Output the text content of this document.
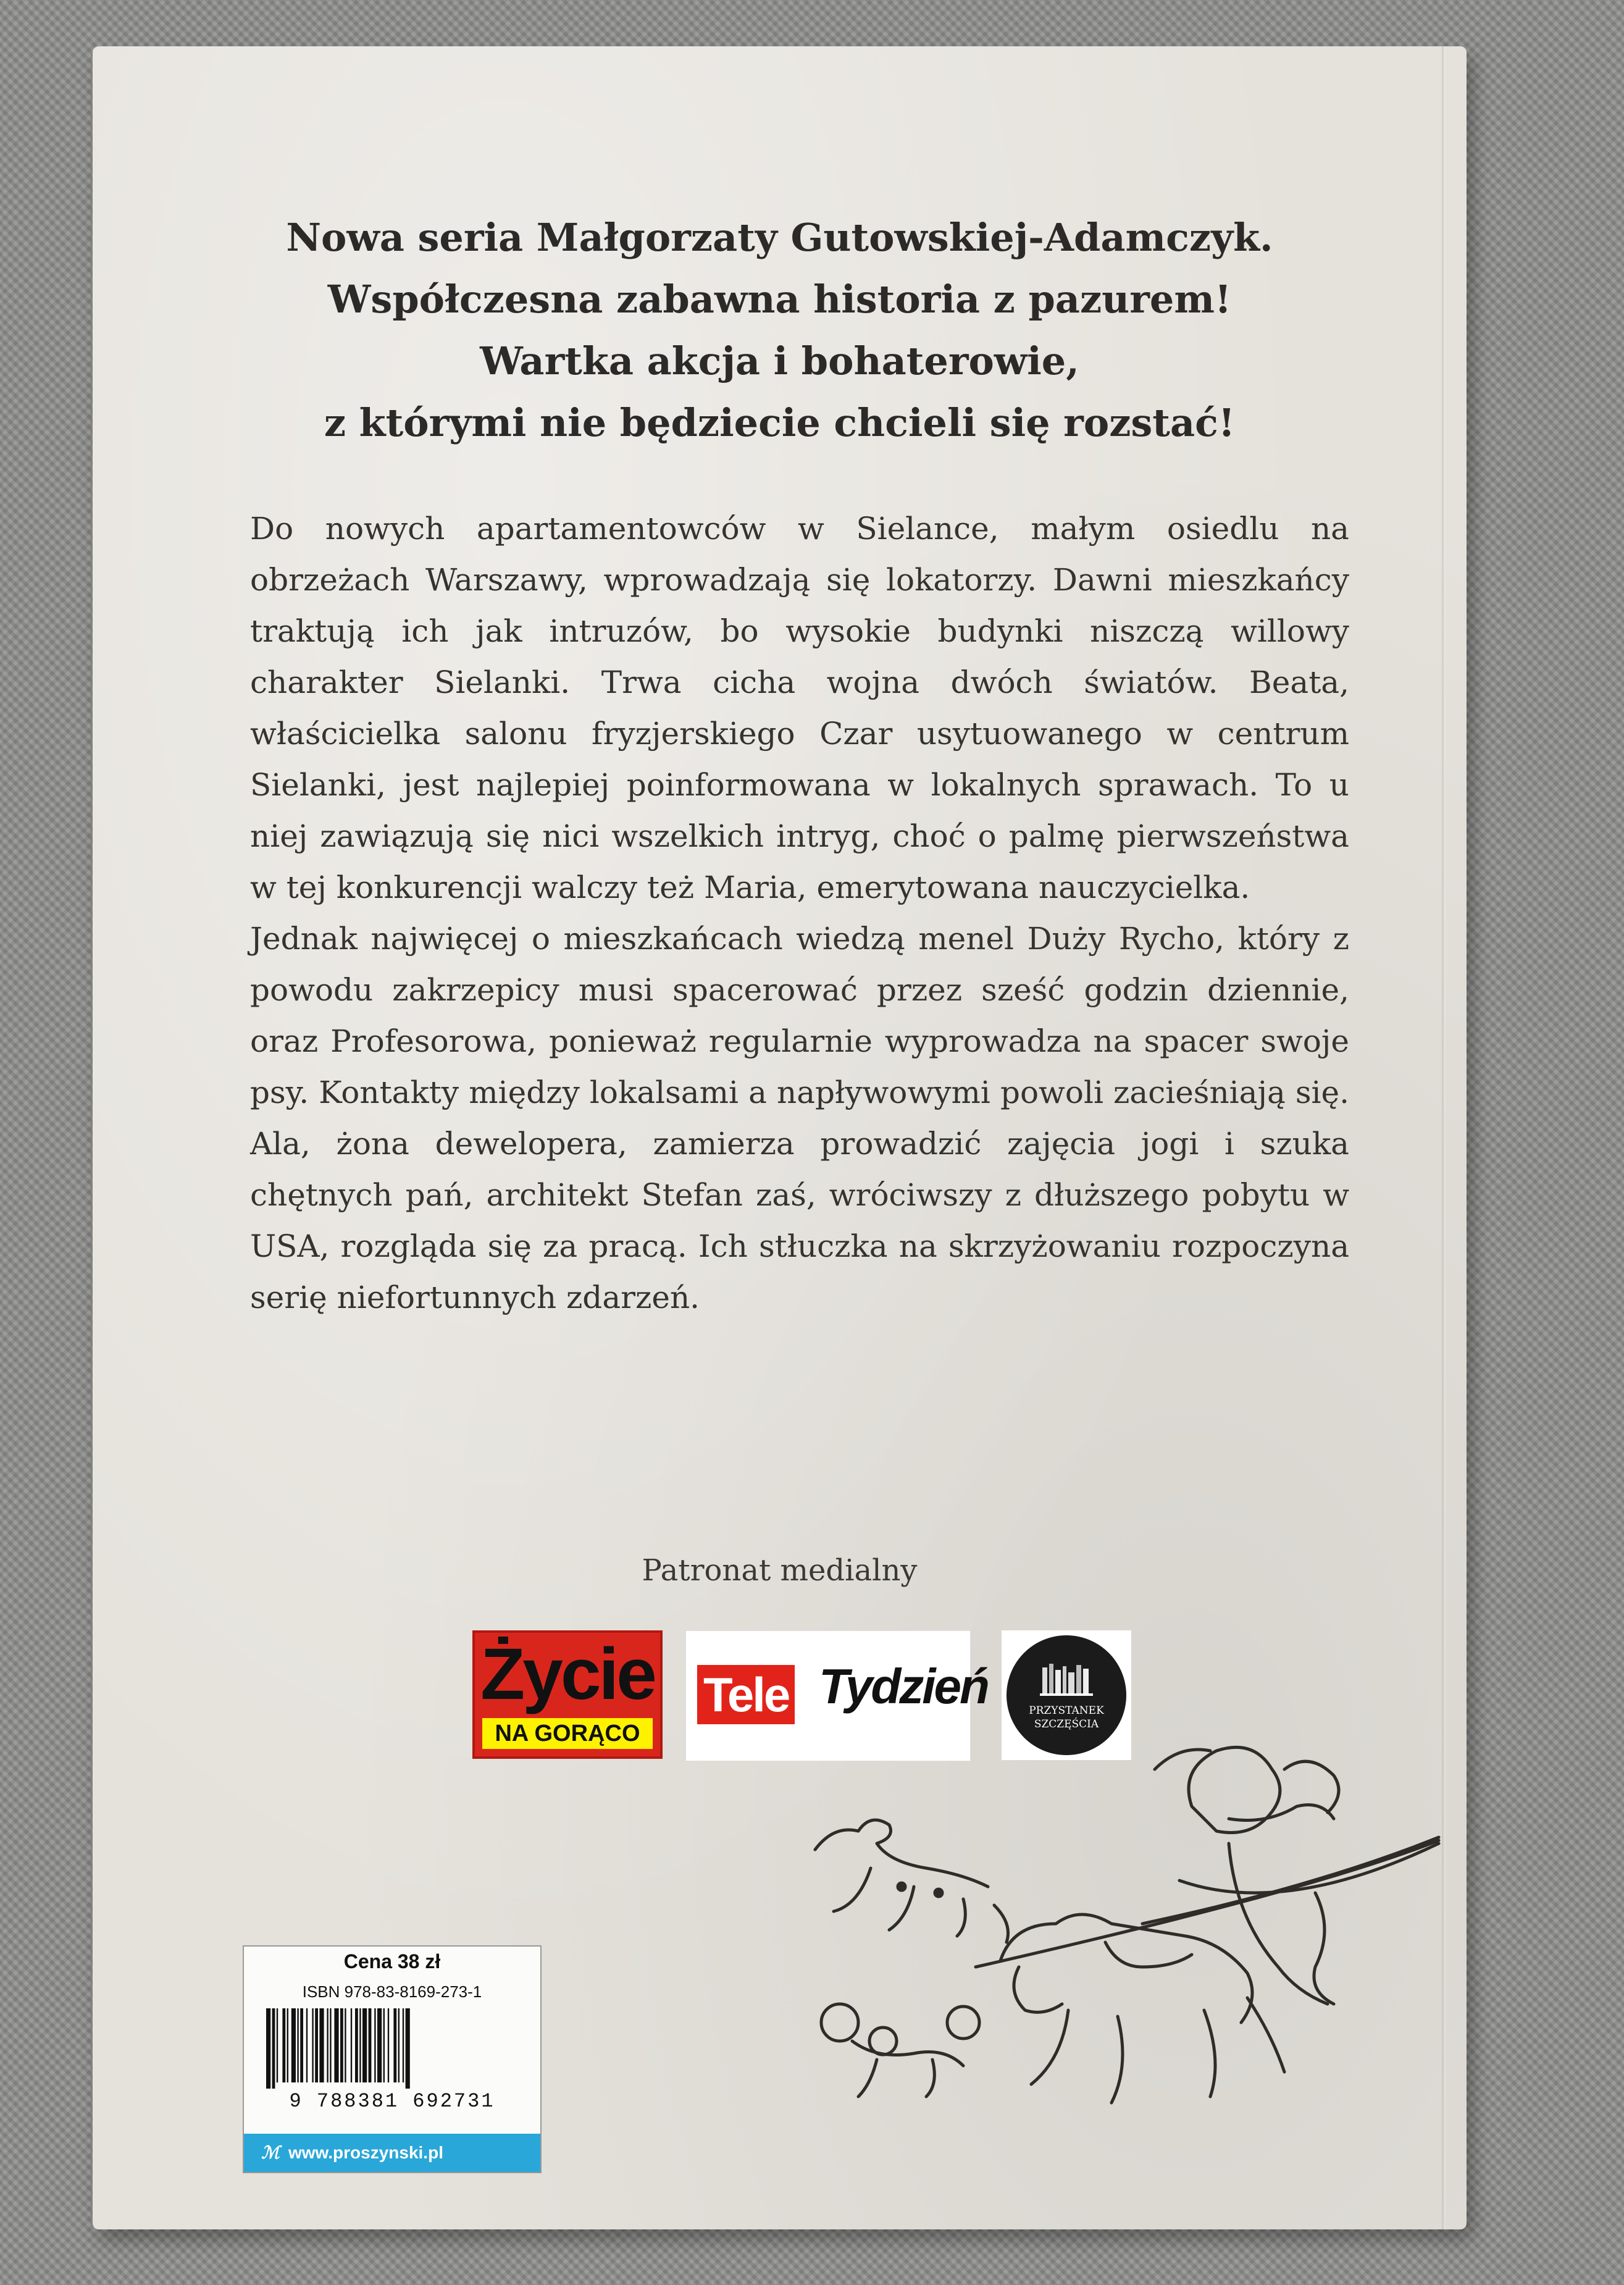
Nowa seria Małgorzaty Gutowskiej-Adamczyk.
Współczesna zabawna historia z pazurem!
Wartka akcja i bohaterowie,
z którymi nie będziecie chcieli się rozstać!

Do nowych apartamentowców w Sielance, małym osiedlu na obrzeżach Warszawy, wprowadzają się lokatorzy. Dawni mieszkańcy traktują ich jak intruzów, bo wysokie budynki niszczą willowy charakter Sielanki. Trwa cicha wojna dwóch światów. Beata, właścicielka salonu fryzjerskiego Czar usytuowanego w centrum Sielanki, jest najlepiej poinformowana w lokalnych sprawach. To u niej zawiązują się nici wszelkich intryg, choć o palmę pierwszeństwa w tej konkurencji walczy też Maria, emerytowana nauczycielka.

Jednak najwięcej o mieszkańcach wiedzą menel Duży Rycho, który z powodu zakrzepicy musi spacerować przez sześć godzin dziennie, oraz Profesorowa, ponieważ regularnie wyprowadza na spacer swoje psy. Kontakty między lokalsami a napływowymi powoli zacieśniają się. Ala, żona dewelopera, zamierza prowadzić zajęcia jogi i szuka chętnych pań, architekt Stefan zaś, wróciwszy z dłuższego pobytu w USA, rozgląda się za pracą. Ich stłuczka na skrzyżowaniu rozpoczyna serię niefortunnych zdarzeń.

Patronat medialny
Życie
NA GORĄCO
Tele Tydzień	PRZYSTANEK
SZCZĘŚCIA
Cena 38 zł
ISBN 978-83-8169-273-1
9 788381 692731
ℳ www.proszynski.pl
